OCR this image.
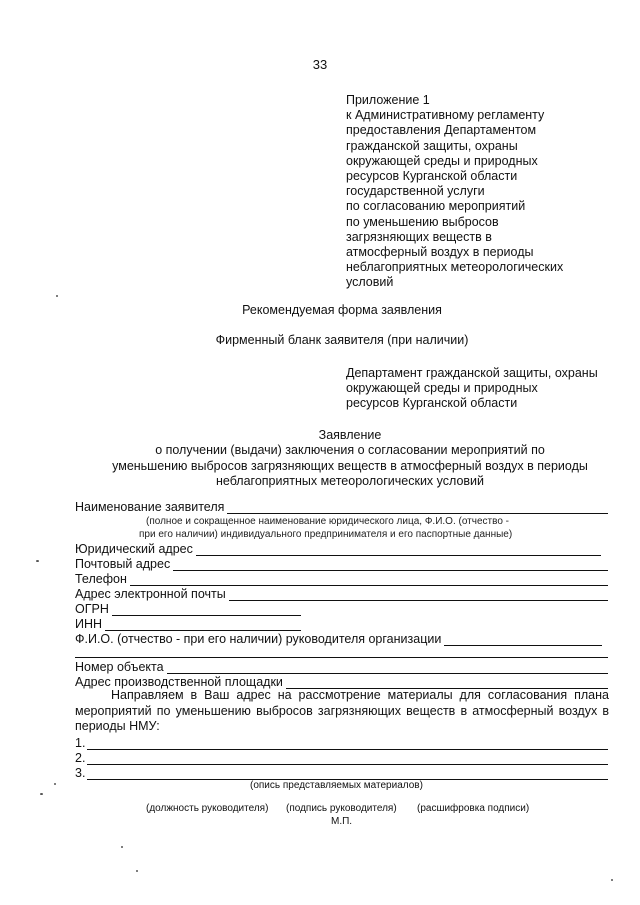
33
Приложение 1
к Административному регламенту
предоставления Департаментом
гражданской защиты, охраны
окружающей среды и природных
ресурсов Курганской области
государственной услуги
по согласованию мероприятий
по уменьшению выбросов
загрязняющих веществ в
атмосферный воздух в периоды
неблагоприятных метеорологических
условий
Рекомендуемая форма заявления
Фирменный бланк заявителя (при наличии)
Департамент гражданской защиты, охраны
окружающей среды и природных
ресурсов Курганской области
Заявление
о получении (выдачи) заключения о согласовании мероприятий по
уменьшению выбросов загрязняющих веществ в атмосферный воздух в периоды
неблагоприятных метеорологических условий
Наименование заявителя
(полное и сокращенное наименование юридического лица, Ф.И.О. (отчество -
при его наличии) индивидуального предпринимателя и его паспортные данные)
Юридический адрес
Почтовый адрес
Телефон
Адрес электронной почты
ОГРН
ИНН
Ф.И.О. (отчество - при его наличии) руководителя организации
Номер объекта
Адрес производственной площадки
Направляем в Ваш адрес на рассмотрение материалы для согласования плана мероприятий по уменьшению выбросов загрязняющих веществ в атмосферный воздух в периоды НМУ:
1.
2.
3.
(опись представляемых материалов)
(должность руководителя) (подпись руководителя) (расшифровка подписи)
М.П.
